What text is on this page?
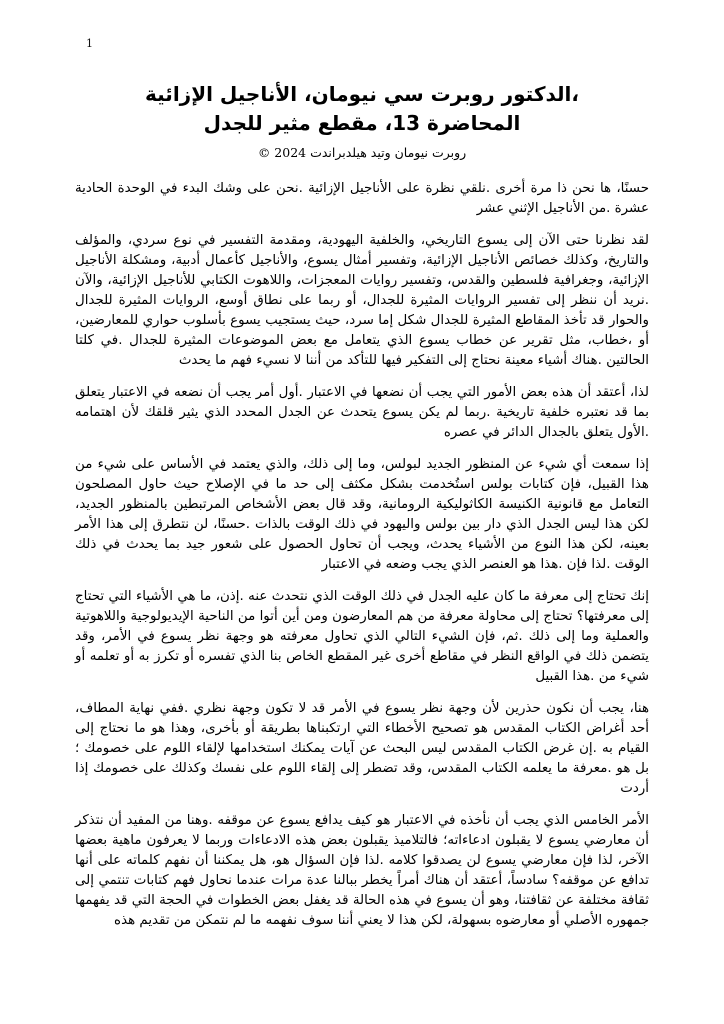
1
،الدكتور روبرت سي نيومان، الأناجيل الإزائية
المحاضرة 13، مقطع مثير للجدل
روبرت نيومان وتيد هيلدبراندت 2024 ©

حسنًا، ها نحن ذا مرة أخرى .نلقي نظرة على الأناجيل الإزائية .نحن على وشك البدء في الوحدة الحادية عشرة .من الأناجيل الإثني عشر

لقد نظرنا حتى الآن إلى يسوع التاريخي، والخلفية اليهودية، ومقدمة التفسير في نوع سردي، والمؤلف والتاريخ، وكذلك خصائص الأناجيل الإزائية، وتفسير أمثال يسوع، والأناجيل كأعمال أدبية، ومشكلة الأناجيل الإزائية، وجغرافية فلسطين والقدس، وتفسير روايات المعجزات، واللاهوت الكتابي للأناجيل الإزائية، والآن .نريد أن ننظر إلى تفسير الروايات المثيرة للجدال، أو ربما على نطاق أوسع، الروايات المثيرة للجدال والحوار قد تأخذ المقاطع المثيرة للجدال شكل إما سرد، حيث يستجيب يسوع بأسلوب حواري للمعارضين، أو ،خطاب، مثل تقرير عن خطاب يسوع الذي يتعامل مع بعض الموضوعات المثيرة للجدال .في كلتا الحالتين .هناك أشياء معينة نحتاج إلى التفكير فيها للتأكد من أننا لا نسيء فهم ما يحدث

لذا، أعتقد أن هذه بعض الأمور التي يجب أن نضعها في الاعتبار .أول أمر يجب أن نضعه في الاعتبار يتعلق بما قد نعتبره خلفية تاريخية .ربما لم يكن يسوع يتحدث عن الجدل المحدد الذي يثير قلقك لأن اهتمامه .الأول يتعلق بالجدال الدائر في عصره

إذا سمعت أي شيء عن المنظور الجديد لبولس، وما إلى ذلك، والذي يعتمد في الأساس على شيء من هذا القبيل، فإن كتابات بولس استُخدمت بشكل مكثف إلى حد ما في الإصلاح حيث حاول المصلحون التعامل مع قانونية الكنيسة الكاثوليكية الرومانية، وقد قال بعض الأشخاص المرتبطين بالمنظور الجديد، لكن هذا ليس الجدل الذي دار بين بولس واليهود في ذلك الوقت بالذات .حسنًا، لن نتطرق إلى هذا الأمر بعينه، لكن هذا النوع من الأشياء يحدث، ويجب أن تحاول الحصول على شعور جيد بما يحدث في ذلك الوقت .لذا فإن .هذا هو العنصر الذي يجب وضعه في الاعتبار

إنك تحتاج إلى معرفة ما كان عليه الجدل في ذلك الوقت الذي نتحدث عنه .إذن، ما هي الأشياء التي تحتاج إلى معرفتها؟ تحتاج إلى محاولة معرفة من هم المعارضون ومن أين أتوا من الناحية الإيديولوجية واللاهوتية والعملية وما إلى ذلك .ثم، فإن الشيء التالي الذي تحاول معرفته هو وجهة نظر يسوع في الأمر، وقد يتضمن ذلك في الواقع النظر في مقاطع أخرى غير المقطع الخاص بنا الذي تفسره أو تكرز به أو تعلمه أو شيء من .هذا القبيل

هنا، يجب أن نكون حذرين لأن وجهة نظر يسوع في الأمر قد لا تكون وجهة نظري .ففي نهاية المطاف، أحد أغراض الكتاب المقدس هو تصحيح الأخطاء التي ارتكبناها بطريقة أو بأخرى، وهذا هو ما نحتاج إلى القيام به .إن غرض الكتاب المقدس ليس البحث عن آيات يمكنك استخدامها لإلقاء اللوم على خصومك ؛ بل هو .معرفة ما يعلمه الكتاب المقدس، وقد تضطر إلى إلقاء اللوم على نفسك وكذلك على خصومك إذا أردت

الأمر الخامس الذي يجب أن نأخذه في الاعتبار هو كيف يدافع يسوع عن موقفه .وهنا من المفيد أن نتذكر أن معارضي يسوع لا يقبلون ادعاءاته؛ فالتلاميذ يقبلون بعض هذه الادعاءات وربما لا يعرفون ماهية بعضها الآخر، لذا فإن معارضي يسوع لن يصدقوا كلامه .لذا فإن السؤال هو، هل يمكننا أن نفهم كلماته على أنها تدافع عن موقفه؟ سادساً، أعتقد أن هناك أمراً يخطر ببالنا عدة مرات عندما نحاول فهم كتابات تنتمي إلى ثقافة مختلفة عن ثقافتنا، وهو أن يسوع في هذه الحالة قد يغفل بعض الخطوات في الحجة التي قد يفهمها جمهوره الأصلي أو معارضوه بسهولة، لكن هذا لا يعني أننا سوف نفهمه ما لم نتمكن من تقديم هذه
